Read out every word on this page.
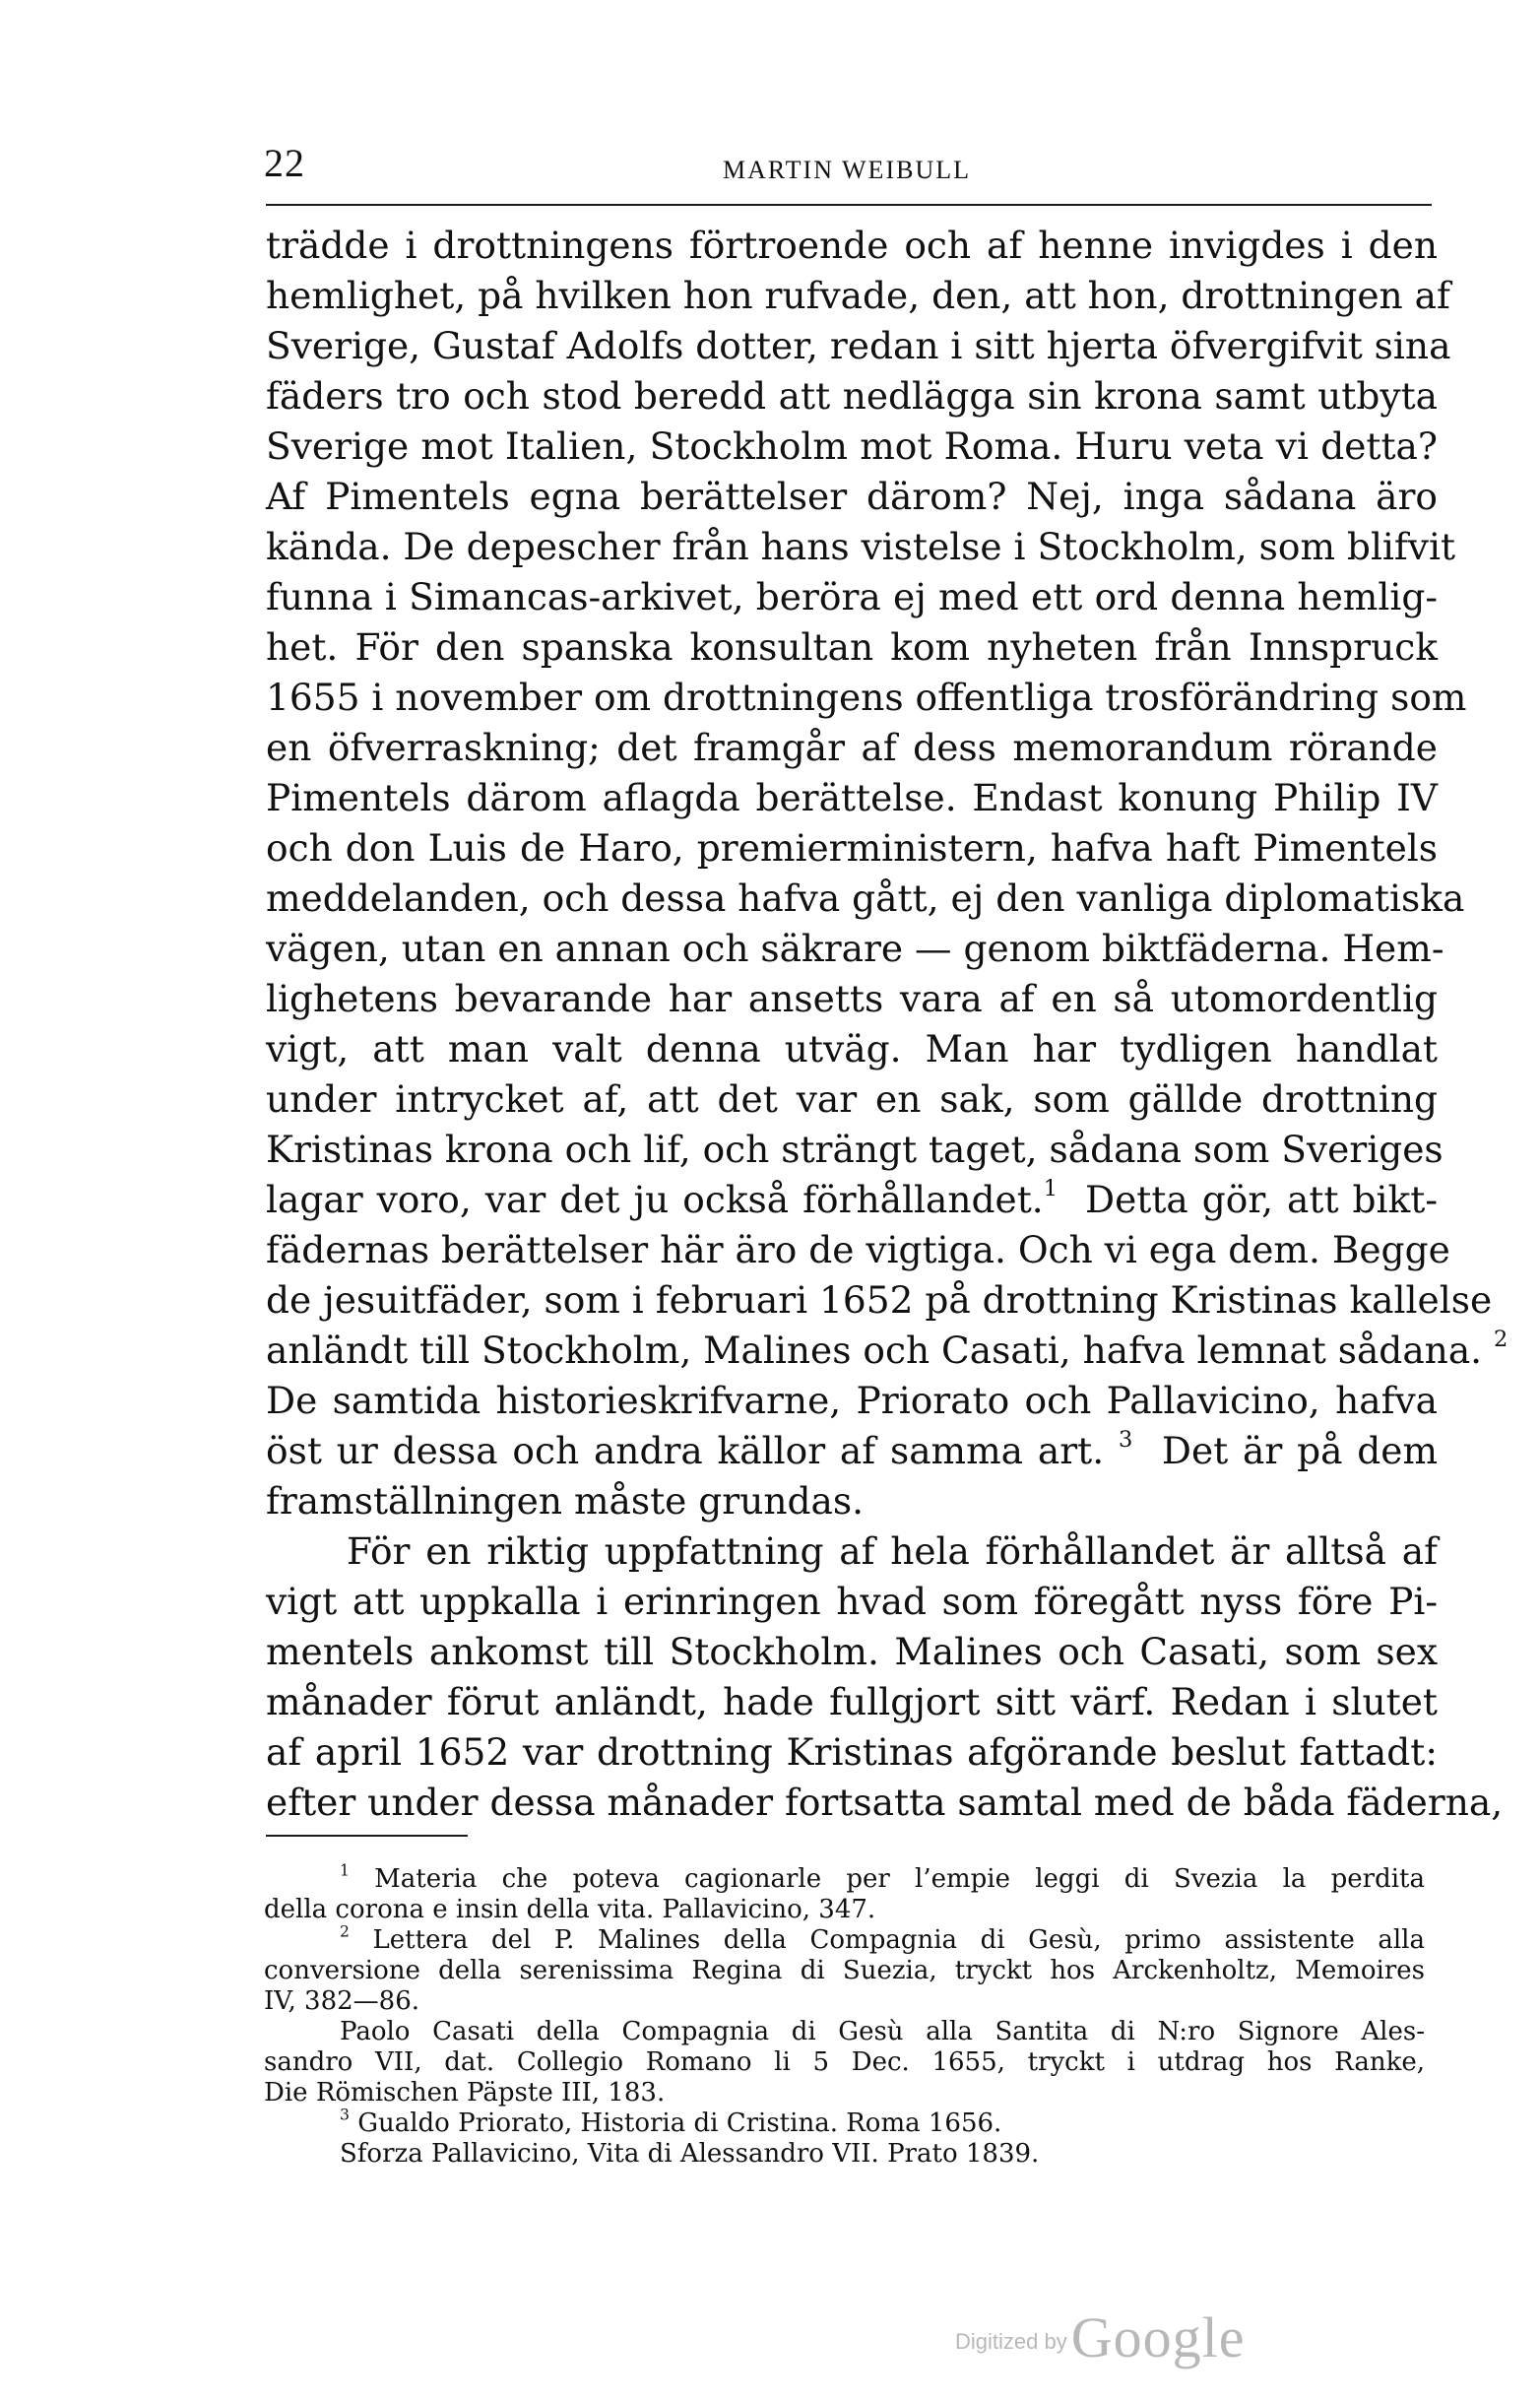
22	MARTIN WEIBULL

trädde i drottningens förtroende och af henne invigdes i den
hemlighet, på hvilken hon rufvade, den, att hon, drottningen af
Sverige, Gustaf Adolfs dotter, redan i sitt hjerta öfvergifvit sina
fäders tro och stod beredd att nedlägga sin krona samt utbyta
Sverige mot Italien, Stockholm mot Roma. Huru veta vi detta?
Af Pimentels egna berättelser därom? Nej, inga sådana äro
kända. De depescher från hans vistelse i Stockholm, som blifvit
funna i Simancas-arkivet, beröra ej med ett ord denna hemlig-
het. För den spanska konsultan kom nyheten från Innspruck
1655 i november om drottningens offentliga trosförändring som
en öfverraskning; det framgår af dess memorandum rörande
Pimentels därom aflagda berättelse. Endast konung Philip IV
och don Luis de Haro, premierministern, hafva haft Pimentels
meddelanden, och dessa hafva gått, ej den vanliga diplomatiska
vägen, utan en annan och säkrare — genom biktfäderna. Hem-
lighetens bevarande har ansetts vara af en så utomordentlig
vigt, att man valt denna utväg. Man har tydligen handlat
under intrycket af, att det var en sak, som gällde drottning
Kristinas krona och lif, och strängt taget, sådana som Sveriges
lagar voro, var det ju också förhållandet.$^1$ Detta gör, att bikt-
fädernas berättelser här äro de vigtiga. Och vi ega dem. Begge
de jesuitfäder, som i februari 1652 på drottning Kristinas kallelse
anländt till Stockholm, Malines och Casati, hafva lemnat sådana. $^2$
De samtida historieskrifvarne, Priorato och Pallavicino, hafva
öst ur dessa och andra källor af samma art. $^3$ Det är på dem
framställningen måste grundas.

För en riktig uppfattning af hela förhållandet är alltså af
vigt att uppkalla i erinringen hvad som föregått nyss före Pi-
mentels ankomst till Stockholm. Malines och Casati, som sex
månader förut anländt, hade fullgjort sitt värf. Redan i slutet
af april 1652 var drottning Kristinas afgörande beslut fattadt:
efter under dessa månader fortsatta samtal med de båda fäderna,

$^1$ Materia che poteva cagionarle per l’empie leggi di Svezia la perdita
della corona e insin della vita. Pallavicino, 347.
$^2$ Lettera del P. Malines della Compagnia di Gesù, primo assistente alla
conversione della serenissima Regina di Suezia, tryckt hos Arckenholtz, Memoires
IV, 382—86.
Paolo Casati della Compagnia di Gesù alla Santita di N:ro Signore Ales-
sandro VII, dat. Collegio Romano li 5 Dec. 1655, tryckt i utdrag hos Ranke,
Die Römischen Päpste III, 183.
$^3$ Gualdo Priorato, Historia di Cristina. Roma 1656.
Sforza Pallavicino, Vita di Alessandro VII. Prato 1839.
Digitized byGoogle
